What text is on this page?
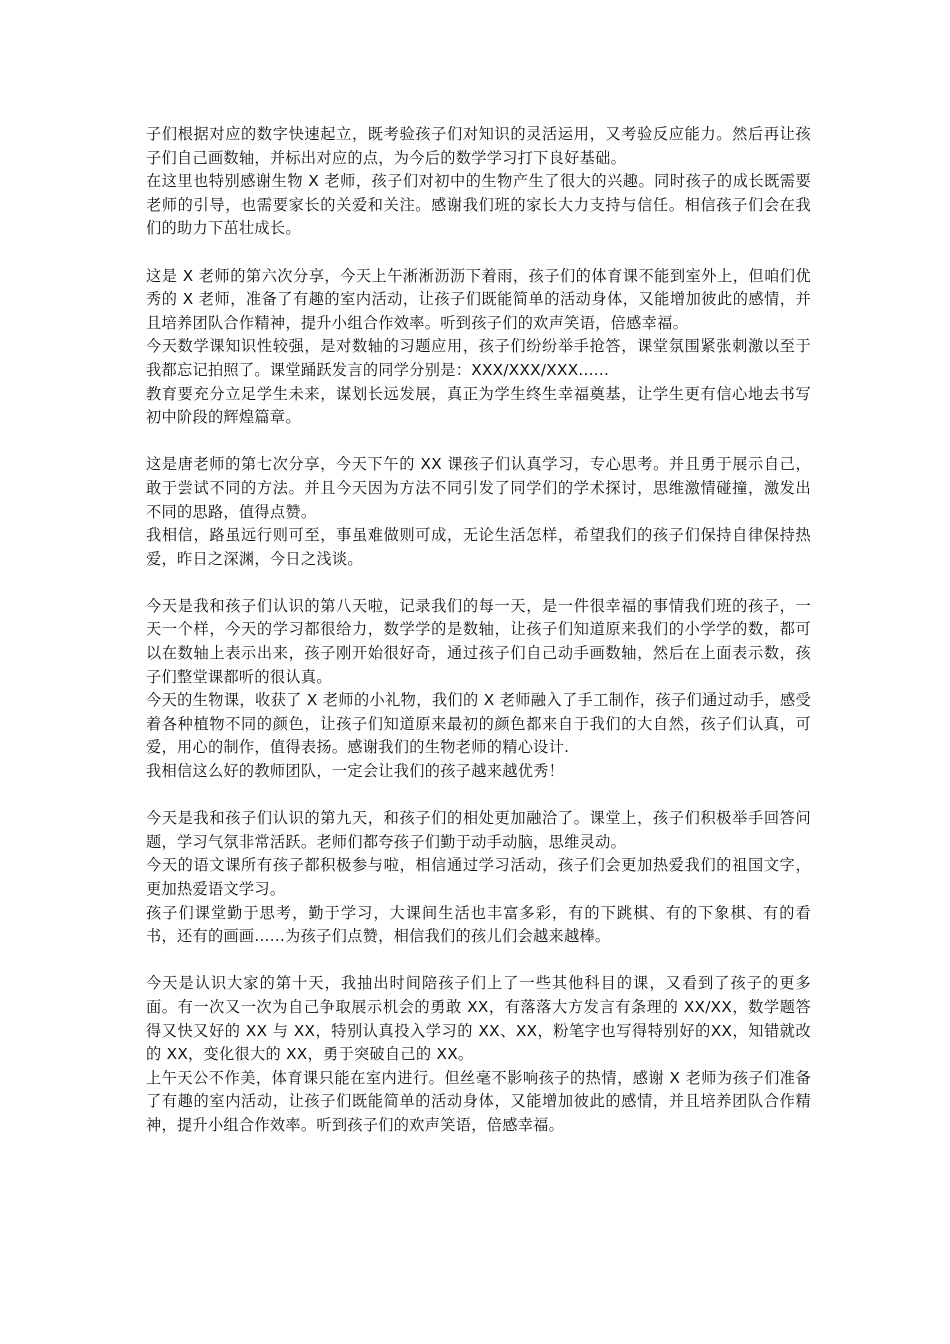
子们根据对应的数字快速起立，既考验孩子们对知识的灵活运用，又考验反应能力。然后再让孩子们自己画数轴，并标出对应的点，为今后的数学学习打下良好基础。

在这里也特别感谢生物 X 老师，孩子们对初中的生物产生了很大的兴趣。同时孩子的成长既需要老师的引导，也需要家长的关爱和关注。感谢我们班的家长大力支持与信任。相信孩子们会在我们的助力下茁壮成长。

这是 X 老师的第六次分享，今天上午淅淅沥沥下着雨，孩子们的体育课不能到室外上，但咱们优秀的 X 老师，准备了有趣的室内活动，让孩子们既能简单的活动身体，又能增加彼此的感情，并且培养团队合作精神，提升小组合作效率。听到孩子们的欢声笑语，倍感幸福。

今天数学课知识性较强，是对数轴的习题应用，孩子们纷纷举手抢答，课堂氛围紧张刺激以至于我都忘记拍照了。课堂踊跃发言的同学分别是：XXX/XXX/XXX......

教育要充分立足学生未来，谋划长远发展，真正为学生终生幸福奠基，让学生更有信心地去书写初中阶段的辉煌篇章。

这是唐老师的第七次分享，今天下午的 XX 课孩子们认真学习，专心思考。并且勇于展示自己，敢于尝试不同的方法。并且今天因为方法不同引发了同学们的学术探讨，思维激情碰撞，激发出不同的思路，值得点赞。

我相信，路虽远行则可至，事虽难做则可成，无论生活怎样，希望我们的孩子们保持自律保持热爱，昨日之深渊，今日之浅谈。

今天是我和孩子们认识的第八天啦，记录我们的每一天，是一件很幸福的事情我们班的孩子，一天一个样，今天的学习都很给力，数学学的是数轴，让孩子们知道原来我们的小学学的数，都可以在数轴上表示出来，孩子刚开始很好奇，通过孩子们自己动手画数轴，然后在上面表示数，孩子们整堂课都听的很认真。

今天的生物课，收获了 X 老师的小礼物，我们的 X 老师融入了手工制作，孩子们通过动手，感受着各种植物不同的颜色，让孩子们知道原来最初的颜色都来自于我们的大自然，孩子们认真，可爱，用心的制作，值得表扬。感谢我们的生物老师的精心设计.

我相信这么好的教师团队，一定会让我们的孩子越来越优秀！

今天是我和孩子们认识的第九天，和孩子们的相处更加融洽了。课堂上，孩子们积极举手回答问题，学习气氛非常活跃。老师们都夸孩子们勤于动手动脑，思维灵动。

今天的语文课所有孩子都积极参与啦，相信通过学习活动，孩子们会更加热爱我们的祖国文字，更加热爱语文学习。

孩子们课堂勤于思考，勤于学习，大课间生活也丰富多彩，有的下跳棋、有的下象棋、有的看书，还有的画画......为孩子们点赞，相信我们的孩儿们会越来越棒。

今天是认识大家的第十天，我抽出时间陪孩子们上了一些其他科目的课，又看到了孩子的更多面。有一次又一次为自己争取展示机会的勇敢 XX，有落落大方发言有条理的 XX/XX，数学题答得又快又好的 XX 与 XX，特别认真投入学习的 XX、XX，粉笔字也写得特别好的XX，知错就改的 XX，变化很大的 XX，勇于突破自己的 XX。

上午天公不作美，体育课只能在室内进行。但丝毫不影响孩子的热情，感谢 X 老师为孩子们准备了有趣的室内活动，让孩子们既能简单的活动身体，又能增加彼此的感情，并且培养团队合作精神，提升小组合作效率。听到孩子们的欢声笑语，倍感幸福。
